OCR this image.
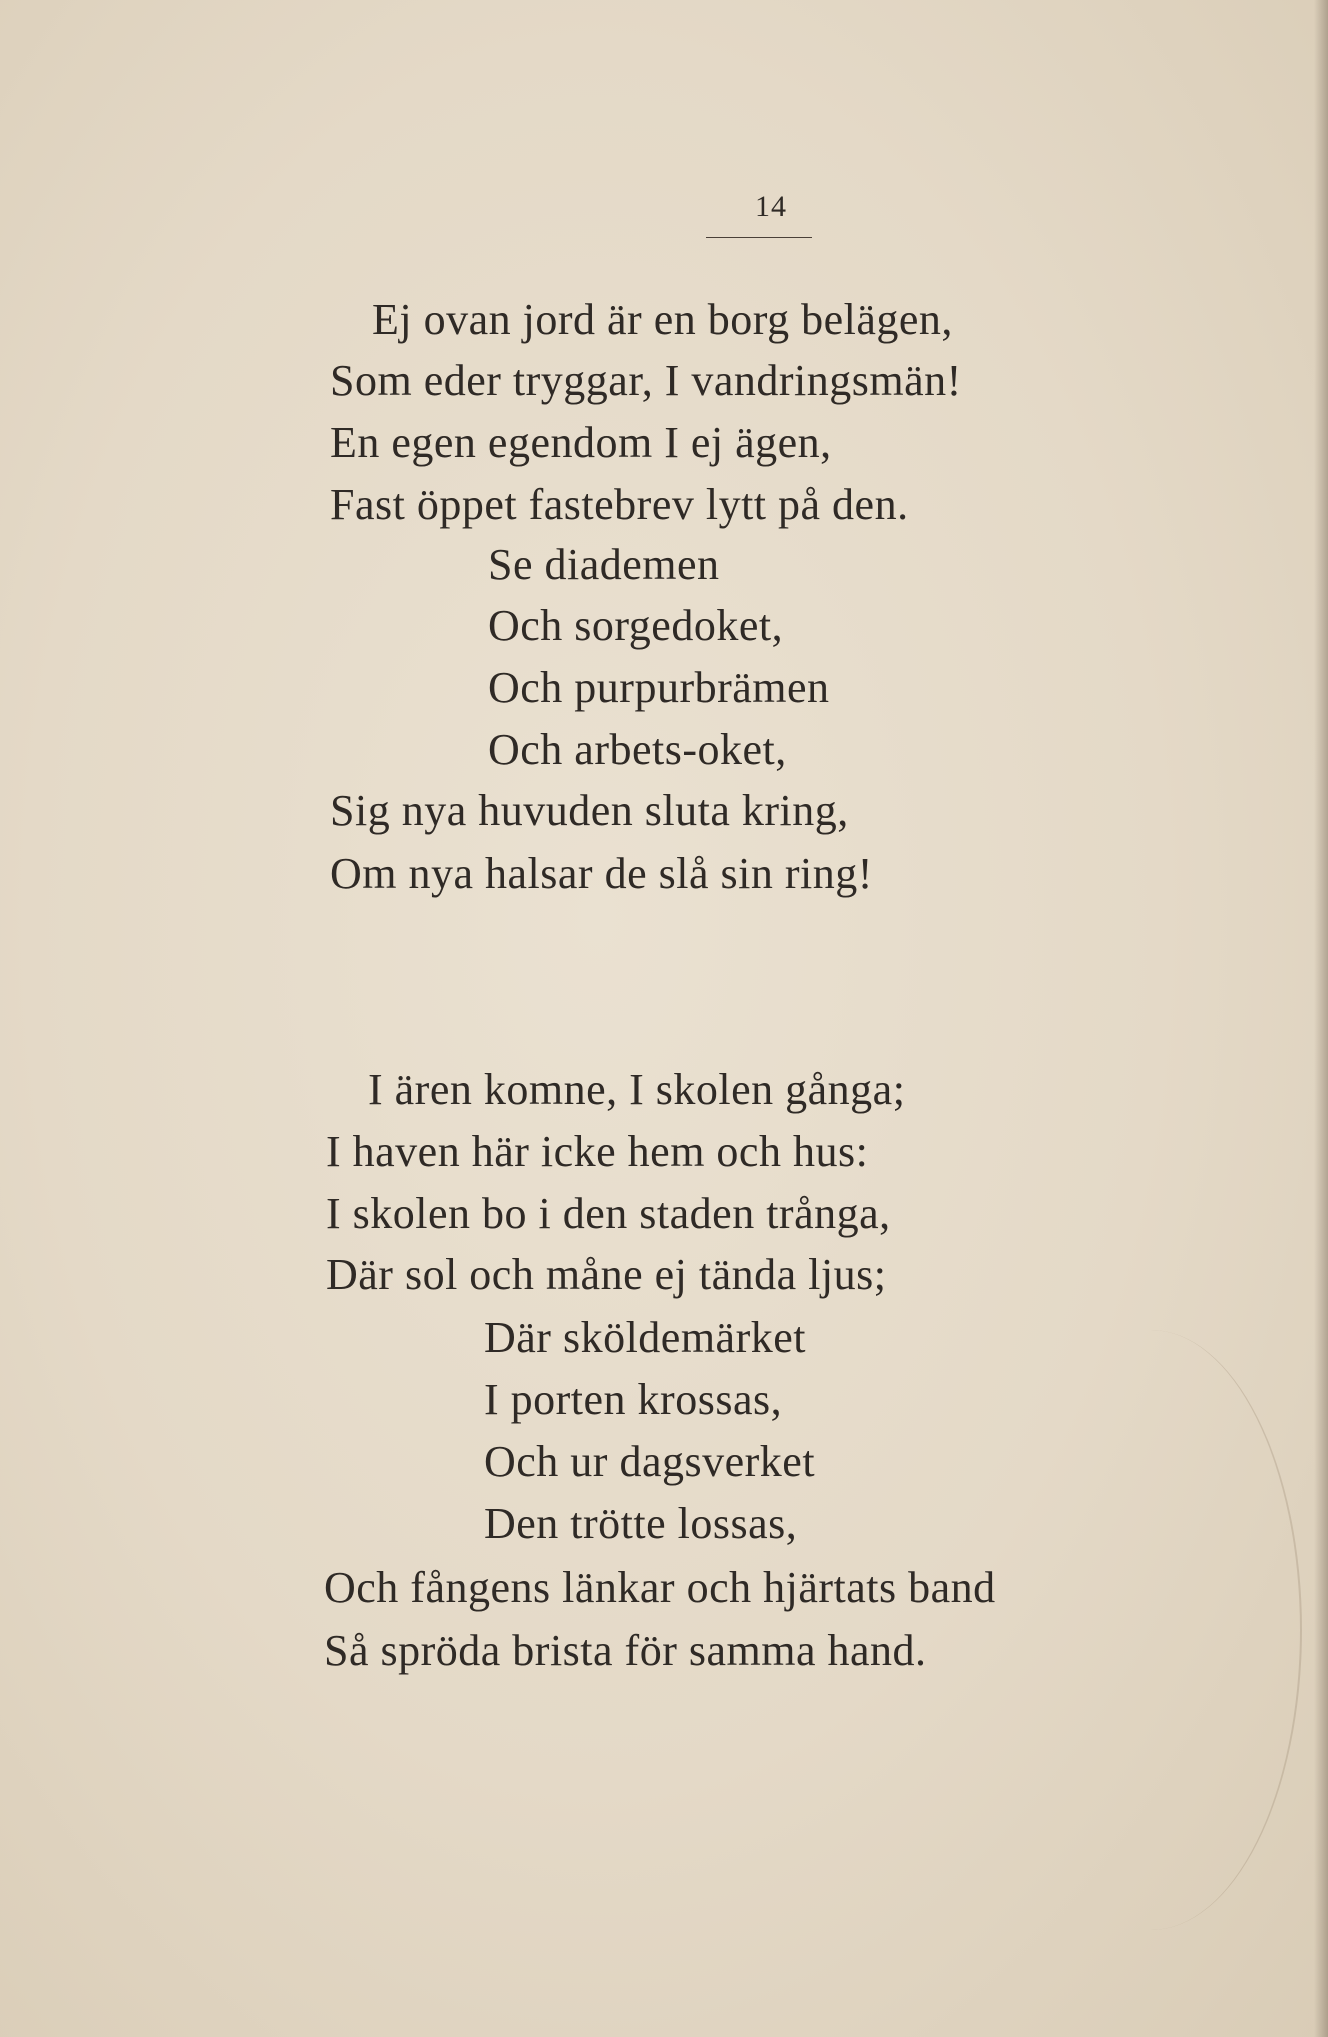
14
Ej ovan jord är en borg belägen,
Som eder tryggar, I vandringsmän!
En egen egendom I ej ägen,
Fast öppet fastebrev lytt på den.
Se diademen
Och sorgedoket,
Och purpurbrämen
Och arbets-oket,
Sig nya huvuden sluta kring,
Om nya halsar de slå sin ring!
I ären komne, I skolen gånga;
I haven här icke hem och hus:
I skolen bo i den staden trånga,
Där sol och måne ej tända ljus;
Där sköldemärket
I porten krossas,
Och ur dagsverket
Den trötte lossas,
Och fångens länkar och hjärtats band
Så spröda brista för samma hand.
